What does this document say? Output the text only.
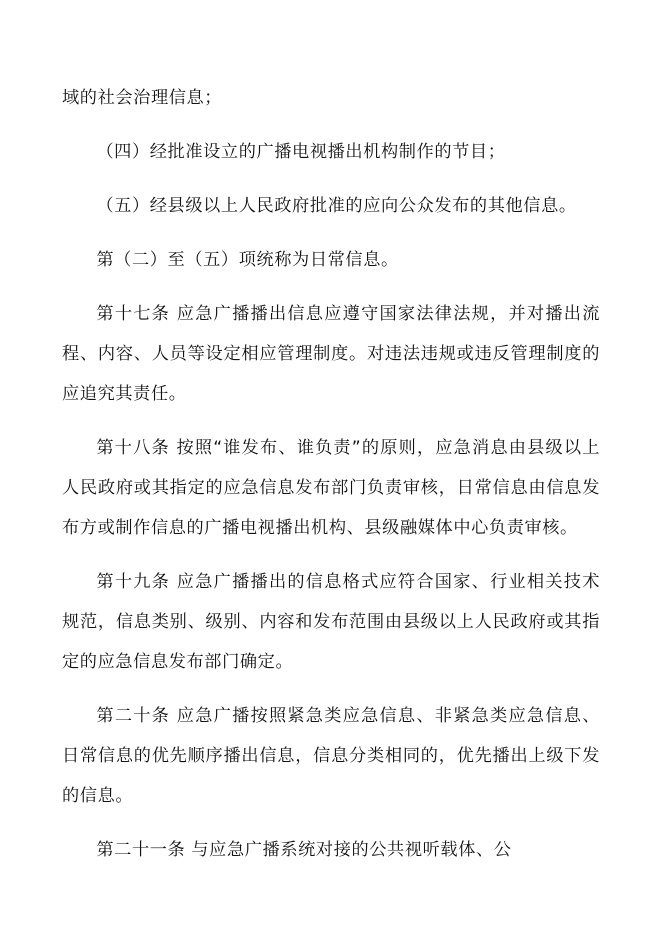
域的社会治理信息；

（四）经批准设立的广播电视播出机构制作的节目；

（五）经县级以上人民政府批准的应向公众发布的其他信息。

第（二）至（五）项统称为日常信息。

第十七条 应急广播播出信息应遵守国家法律法规，并对播出流程、内容、人员等设定相应管理制度。对违法违规或违反管理制度的应追究其责任。

第十八条 按照“谁发布、谁负责”的原则，应急消息由县级以上人民政府或其指定的应急信息发布部门负责审核，日常信息由信息发布方或制作信息的广播电视播出机构、县级融媒体中心负责审核。

第十九条 应急广播播出的信息格式应符合国家、行业相关技术规范，信息类别、级别、内容和发布范围由县级以上人民政府或其指定的应急信息发布部门确定。

第二十条 应急广播按照紧急类应急信息、非紧急类应急信息、日常信息的优先顺序播出信息，信息分类相同的，优先播出上级下发的信息。

第二十一条 与应急广播系统对接的公共视听载体、公
